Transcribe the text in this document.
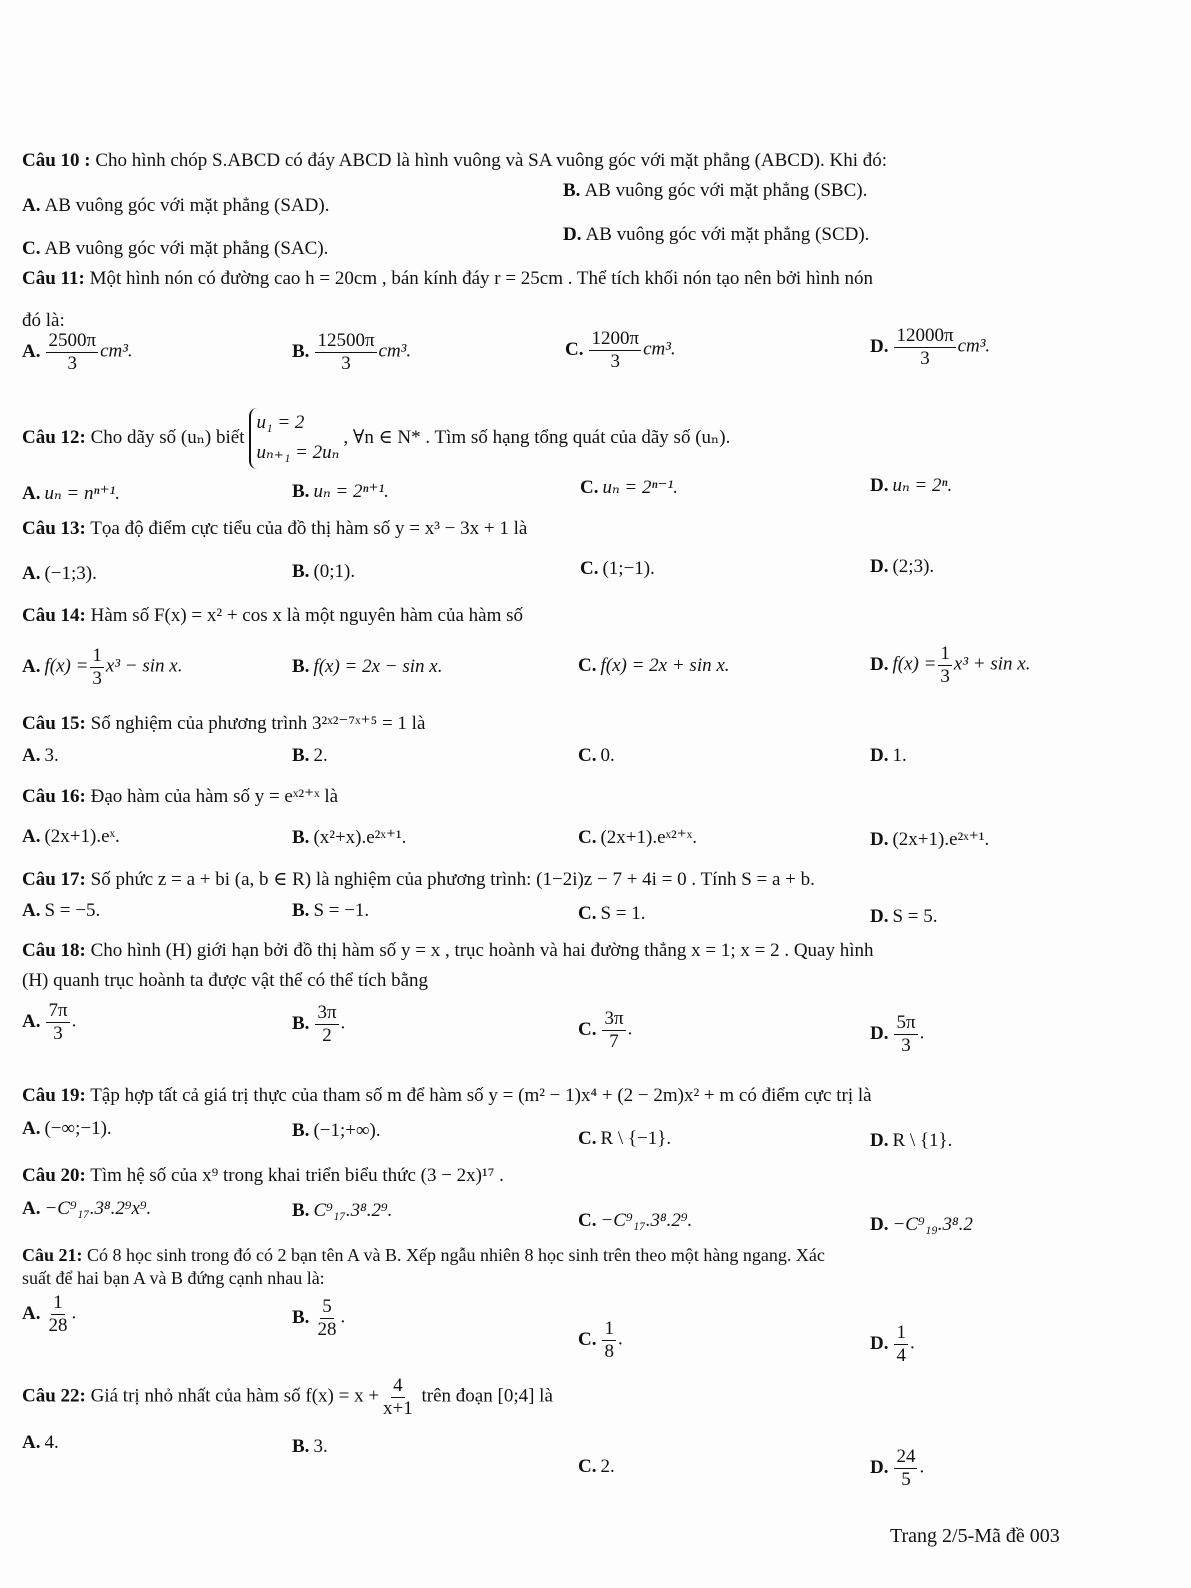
Câu 10 : Cho hình chóp S.ABCD có đáy ABCD là hình vuông và SA vuông góc với mặt phẳng (ABCD). Khi đó:
A. AB vuông góc với mặt phẳng (SAD).
B. AB vuông góc với mặt phẳng (SBC).
C. AB vuông góc với mặt phẳng (SAC).
D. AB vuông góc với mặt phẳng (SCD).
Câu 11: Một hình nón có đường cao h = 20cm , bán kính đáy r = 25cm . Thể tích khối nón tạo nên bởi hình nón
đó là:
A. $\frac{2500\pi}{3} cm^3$.	B. $\frac{12500\pi}{3} cm^3$.	C. $\frac{1200\pi}{3} cm^3$.	D. $\frac{12000\pi}{3} cm^3$.
Câu 12: Cho dãy số (uₙ) biết
u₁ = 2
uₙ₊₁ = 2uₙ
, ∀n ∈ N* . Tìm số hạng tổng quát của dãy số (uₙ).
A. uₙ = nⁿ⁺¹.	B. uₙ = 2ⁿ⁺¹.	C. uₙ = 2ⁿ⁻¹.	D. uₙ = 2ⁿ.
Câu 13: Tọa độ điểm cực tiểu của đồ thị hàm số y = x³ − 3x + 1 là
A. (−1;3).	B. (0;1).	C. (1;−1).	D. (2;3).
Câu 14: Hàm số F(x) = x² + cos x là một nguyên hàm của hàm số
A. $f(x) = \frac{1}{3} x^3 - \sin x$.	B. f(x) = 2x − sin x.	C. f(x) = 2x + sin x.	D. $f(x) = \frac{1}{3} x^3 + \sin x$.
Câu 15: Số nghiệm của phương trình 3²ˣ²⁻⁷ˣ⁺⁵ = 1 là
A. 3.	B. 2.	C. 0.	D. 1.
Câu 16: Đạo hàm của hàm số y = eˣ²⁺ˣ là
A. (2x+1).eˣ.	B. (x²+x).e²ˣ⁺¹.	C. (2x+1).eˣ²⁺ˣ.	D. (2x+1).e²ˣ⁺¹.
Câu 17: Số phức z = a + bi (a, b ∈ R) là nghiệm của phương trình: (1−2i)z − 7 + 4i = 0 . Tính S = a + b.
A. S = −5.	B. S = −1.	C. S = 1.	D. S = 5.
Câu 18: Cho hình (H) giới hạn bởi đồ thị hàm số y = x , trục hoành và hai đường thẳng x = 1; x = 2 . Quay hình
(H) quanh trục hoành ta được vật thể có thể tích bằng
A. $\frac{7\pi}{3}$ .	B. $\frac{3\pi}{2}$ .	C. $\frac{3\pi}{7}$ .	D. $\frac{5\pi}{3}$ .
Câu 19: Tập hợp tất cả giá trị thực của tham số m để hàm số y = (m² − 1)x⁴ + (2 − 2m)x² + m có điểm cực trị là
A. (−∞;−1).	B. (−1;+∞).	C. R \ {−1}.	D. R \ {1}.
Câu 20: Tìm hệ số của x⁹ trong khai triển biểu thức (3 − 2x)¹⁷ .
A. −C⁹₁₇.3⁸.2⁹x⁹.	B. C⁹₁₇.3⁸.2⁹.	C. −C⁹₁₇.3⁸.2⁹.	D. −C⁹₁₉.3⁸.2
Câu 21: Có 8 học sinh trong đó có 2 bạn tên A và B. Xếp ngẫu nhiên 8 học sinh trên theo một hàng ngang. Xác
suất để hai bạn A và B đứng cạnh nhau là:
A. $\frac{1}{28}$ .	B. $\frac{5}{28}$ .
C. $\frac{1}{8}$ .	D. $\frac{1}{4}$ .
Câu 22: Giá trị nhỏ nhất của hàm số $f(x) = x + \frac{4}{x+1}$ trên đoạn [0;4] là
A. 4.	B. 3.
C. 2.	D. $\frac{24}{5}$ .
Trang 2/5-Mã đề 003
